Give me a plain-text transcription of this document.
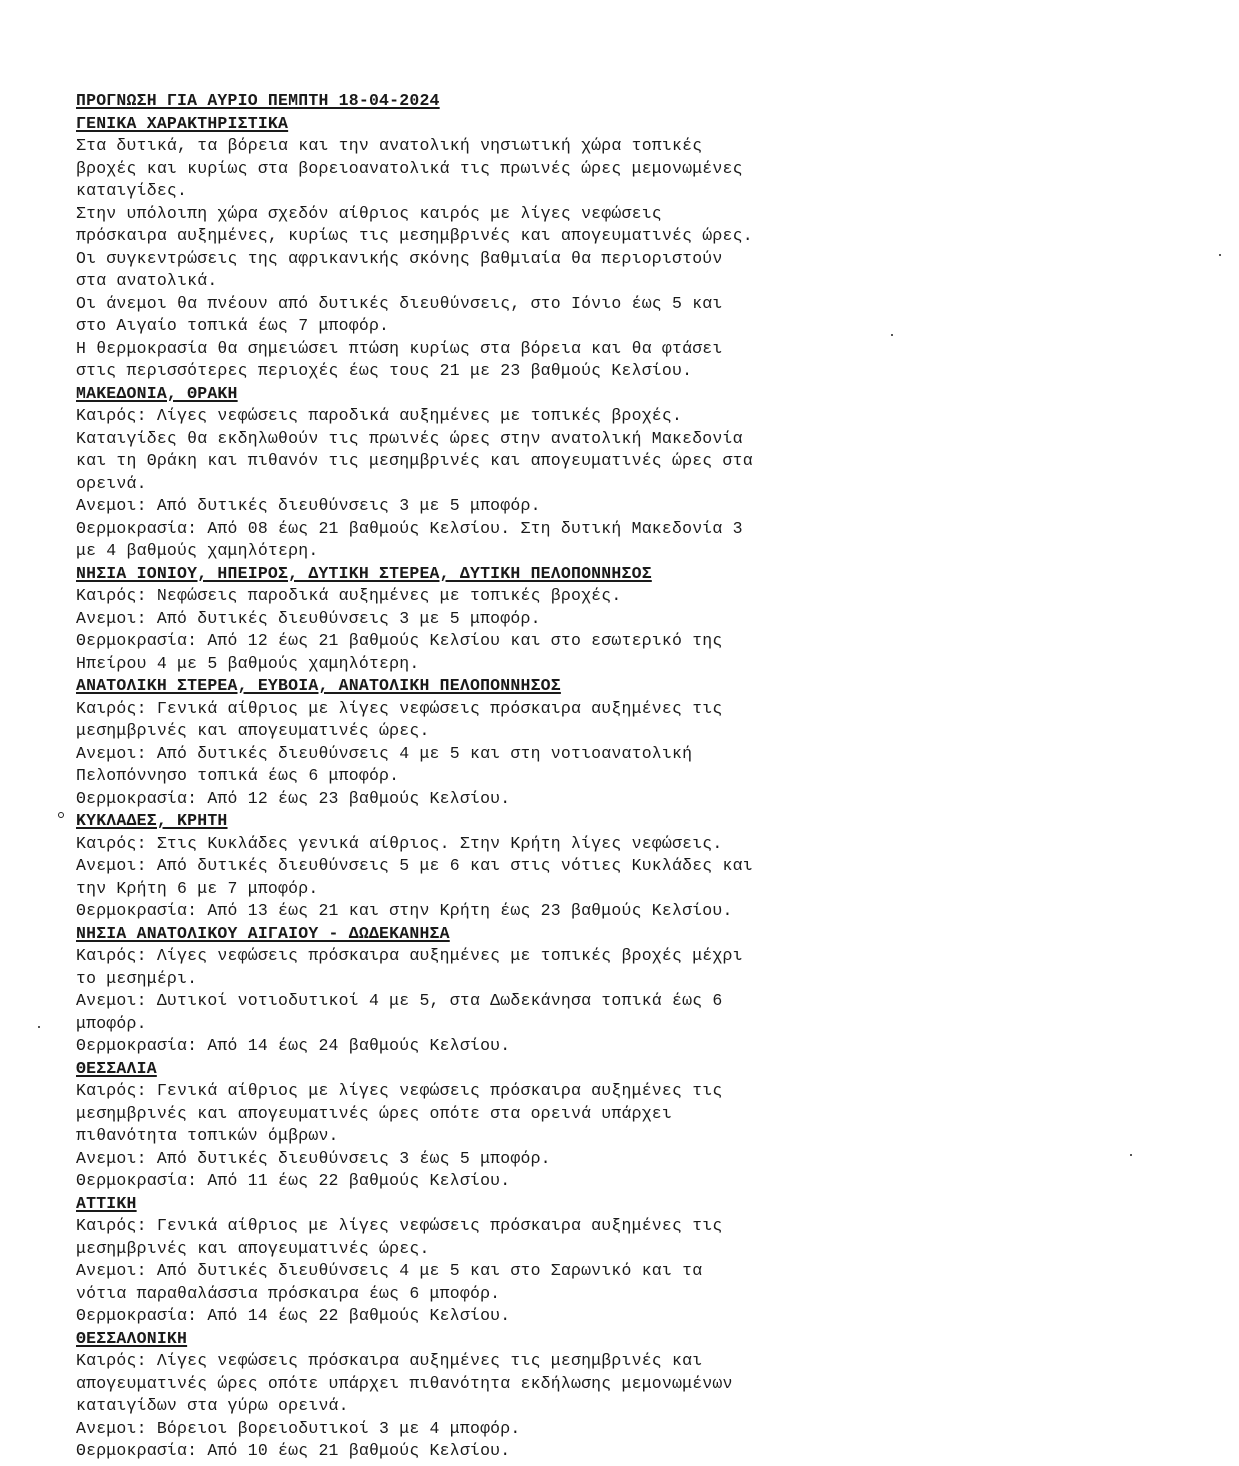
ΠΡΟΓΝΩΣΗ ΓΙΑ ΑΥΡΙΟ ΠΕΜΠΤΗ 18-04-2024
ΓΕΝΙΚΑ ΧΑΡΑΚΤΗΡΙΣΤΙΚΑ
Στα δυτικά, τα βόρεια και την ανατολική νησιωτική χώρα τοπικές
βροχές και κυρίως στα βορειοανατολικά τις πρωινές ώρες μεμονωμένες
καταιγίδες.
Στην υπόλοιπη χώρα σχεδόν αίθριος καιρός με λίγες νεφώσεις
πρόσκαιρα αυξημένες, κυρίως τις μεσημβρινές και απογευματινές ώρες.
Οι συγκεντρώσεις της αφρικανικής σκόνης βαθμιαία θα περιοριστούν
στα ανατολικά.
Οι άνεμοι θα πνέουν από δυτικές διευθύνσεις, στο Ιόνιο έως 5 και
στο Αιγαίο τοπικά έως 7 μποφόρ.
Η θερμοκρασία θα σημειώσει πτώση κυρίως στα βόρεια και θα φτάσει
στις περισσότερες περιοχές έως τους 21 με 23 βαθμούς Κελσίου.
ΜΑΚΕΔΟΝΙΑ, ΘΡΑΚΗ
Καιρός: Λίγες νεφώσεις παροδικά αυξημένες με τοπικές βροχές.
Καταιγίδες θα εκδηλωθούν τις πρωινές ώρες στην ανατολική Μακεδονία
και τη Θράκη και πιθανόν τις μεσημβρινές και απογευματινές ώρες στα
ορεινά.
Ανεμοι: Από δυτικές διευθύνσεις 3 με 5 μποφόρ.
Θερμοκρασία: Από 08 έως 21 βαθμούς Κελσίου. Στη δυτική Μακεδονία 3
με 4 βαθμούς χαμηλότερη.
ΝΗΣΙΑ ΙΟΝΙΟΥ, ΗΠΕΙΡΟΣ, ΔΥΤΙΚΗ ΣΤΕΡΕΑ, ΔΥΤΙΚΗ ΠΕΛΟΠΟΝΝΗΣΟΣ
Καιρός: Νεφώσεις παροδικά αυξημένες με τοπικές βροχές.
Ανεμοι: Από δυτικές διευθύνσεις 3 με 5 μποφόρ.
Θερμοκρασία: Από 12 έως 21 βαθμούς Κελσίου και στο εσωτερικό της
Ηπείρου 4 με 5 βαθμούς χαμηλότερη.
ΑΝΑΤΟΛΙΚΗ ΣΤΕΡΕΑ, ΕΥΒΟΙΑ, ΑΝΑΤΟΛΙΚΗ ΠΕΛΟΠΟΝΝΗΣΟΣ
Καιρός: Γενικά αίθριος με λίγες νεφώσεις πρόσκαιρα αυξημένες τις
μεσημβρινές και απογευματινές ώρες.
Ανεμοι: Από δυτικές διευθύνσεις 4 με 5 και στη νοτιοανατολική
Πελοπόννησο τοπικά έως 6 μποφόρ.
Θερμοκρασία: Από 12 έως 23 βαθμούς Κελσίου.
ΚΥΚΛΑΔΕΣ, ΚΡΗΤΗ
Καιρός: Στις Κυκλάδες γενικά αίθριος. Στην Κρήτη λίγες νεφώσεις.
Ανεμοι: Από δυτικές διευθύνσεις 5 με 6 και στις νότιες Κυκλάδες και
την Κρήτη 6 με 7 μποφόρ.
Θερμοκρασία: Από 13 έως 21 και στην Κρήτη έως 23 βαθμούς Κελσίου.
ΝΗΣΙΑ ΑΝΑΤΟΛΙΚΟΥ ΑΙΓΑΙΟΥ - ΔΩΔΕΚΑΝΗΣΑ
Καιρός: Λίγες νεφώσεις πρόσκαιρα αυξημένες με τοπικές βροχές μέχρι
το μεσημέρι.
Ανεμοι: Δυτικοί νοτιοδυτικοί 4 με 5, στα Δωδεκάνησα τοπικά έως 6
μποφόρ.
Θερμοκρασία: Από 14 έως 24 βαθμούς Κελσίου.
ΘΕΣΣΑΛΙΑ
Καιρός: Γενικά αίθριος με λίγες νεφώσεις πρόσκαιρα αυξημένες τις
μεσημβρινές και απογευματινές ώρες οπότε στα ορεινά υπάρχει
πιθανότητα τοπικών όμβρων.
Ανεμοι: Από δυτικές διευθύνσεις 3 έως 5 μποφόρ.
Θερμοκρασία: Από 11 έως 22 βαθμούς Κελσίου.
ΑΤΤΙΚΗ
Καιρός: Γενικά αίθριος με λίγες νεφώσεις πρόσκαιρα αυξημένες τις
μεσημβρινές και απογευματινές ώρες.
Ανεμοι: Από δυτικές διευθύνσεις 4 με 5 και στο Σαρωνικό και τα
νότια παραθαλάσσια πρόσκαιρα έως 6 μποφόρ.
Θερμοκρασία: Από 14 έως 22 βαθμούς Κελσίου.
ΘΕΣΣΑΛΟΝΙΚΗ
Καιρός: Λίγες νεφώσεις πρόσκαιρα αυξημένες τις μεσημβρινές και
απογευματινές ώρες οπότε υπάρχει πιθανότητα εκδήλωσης μεμονωμένων
καταιγίδων στα γύρω ορεινά.
Ανεμοι: Βόρειοι βορειοδυτικοί 3 με 4 μποφόρ.
Θερμοκρασία: Από 10 έως 21 βαθμούς Κελσίου.
